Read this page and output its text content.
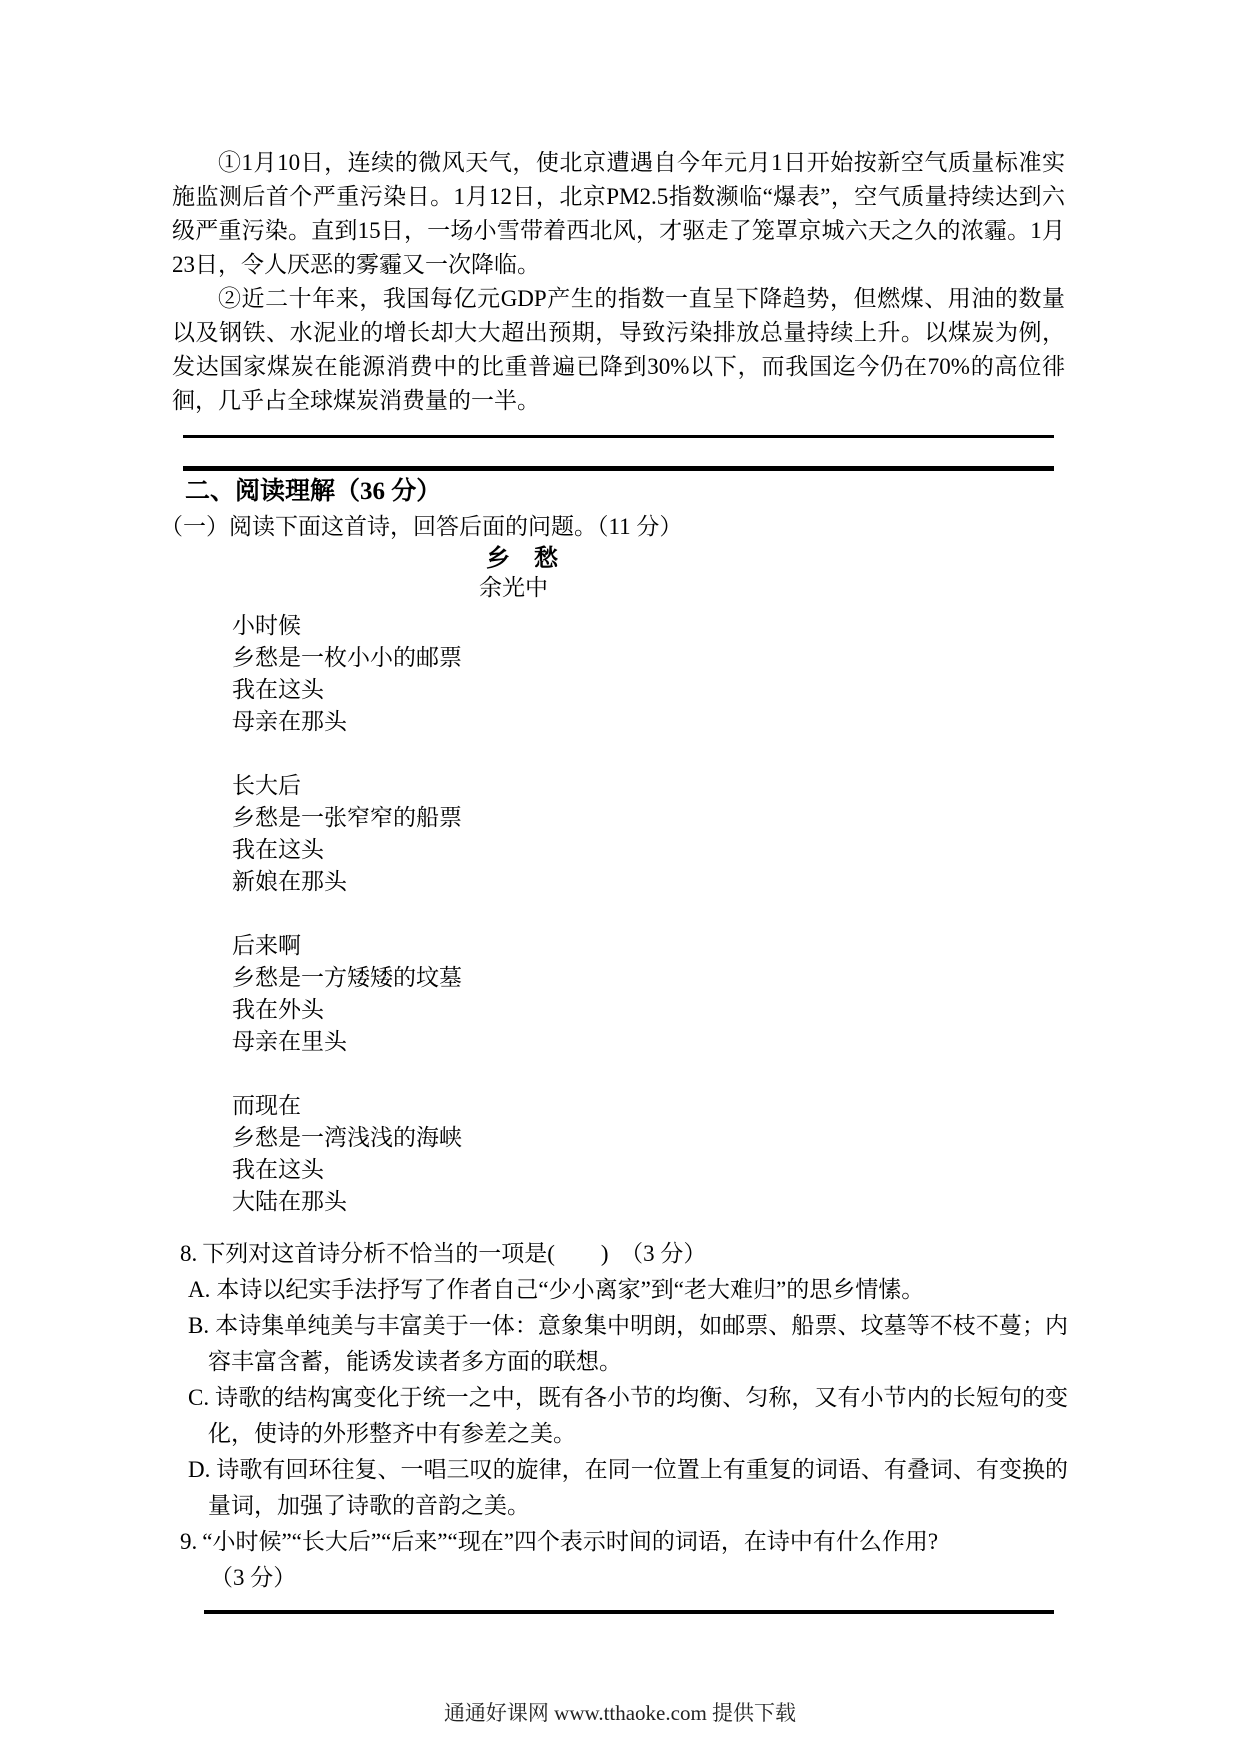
①1月10日，连续的微风天气，使北京遭遇自今年元月1日开始按新空气质量标准实施监测后首个严重污染日。1月12日，北京PM2.5指数濒临“爆表”，空气质量持续达到六级严重污染。直到15日，一场小雪带着西北风，才驱走了笼罩京城六天之久的浓霾。1月23日，令人厌恶的雾霾又一次降临。

②近二十年来，我国每亿元GDP产生的指数一直呈下降趋势，但燃煤、用油的数量以及钢铁、水泥业的增长却大大超出预期，导致污染排放总量持续上升。以煤炭为例，发达国家煤炭在能源消费中的比重普遍已降到30%以下，而我国迄今仍在70%的高位徘徊，几乎占全球煤炭消费量的一半。

二、阅读理解（36 分）
（一）阅读下面这首诗，回答后面的问题。（11 分）
乡　愁
余光中
小时候
乡愁是一枚小小的邮票
我在这头
母亲在那头
长大后
乡愁是一张窄窄的船票
我在这头
新娘在那头
后来啊
乡愁是一方矮矮的坟墓
我在外头
母亲在里头
而现在
乡愁是一湾浅浅的海峡
我在这头
大陆在那头
8. 下列对这首诗分析不恰当的一项是(　　)　（3 分）
A. 本诗以纪实手法抒写了作者自己“少小离家”到“老大难归”的思乡情愫。
B. 本诗集单纯美与丰富美于一体：意象集中明朗，如邮票、船票、坟墓等不枝不蔓；内容丰富含蓄，能诱发读者多方面的联想。
C. 诗歌的结构寓变化于统一之中，既有各小节的均衡、匀称，又有小节内的长短句的变化，使诗的外形整齐中有参差之美。
D. 诗歌有回环往复、一唱三叹的旋律，在同一位置上有重复的词语、有叠词、有变换的量词，加强了诗歌的音韵之美。
9. “小时候”“长大后”“后来”“现在”四个表示时间的词语，在诗中有什么作用?
（3 分）
通通好课网 www.tthaoke.com 提供下载
